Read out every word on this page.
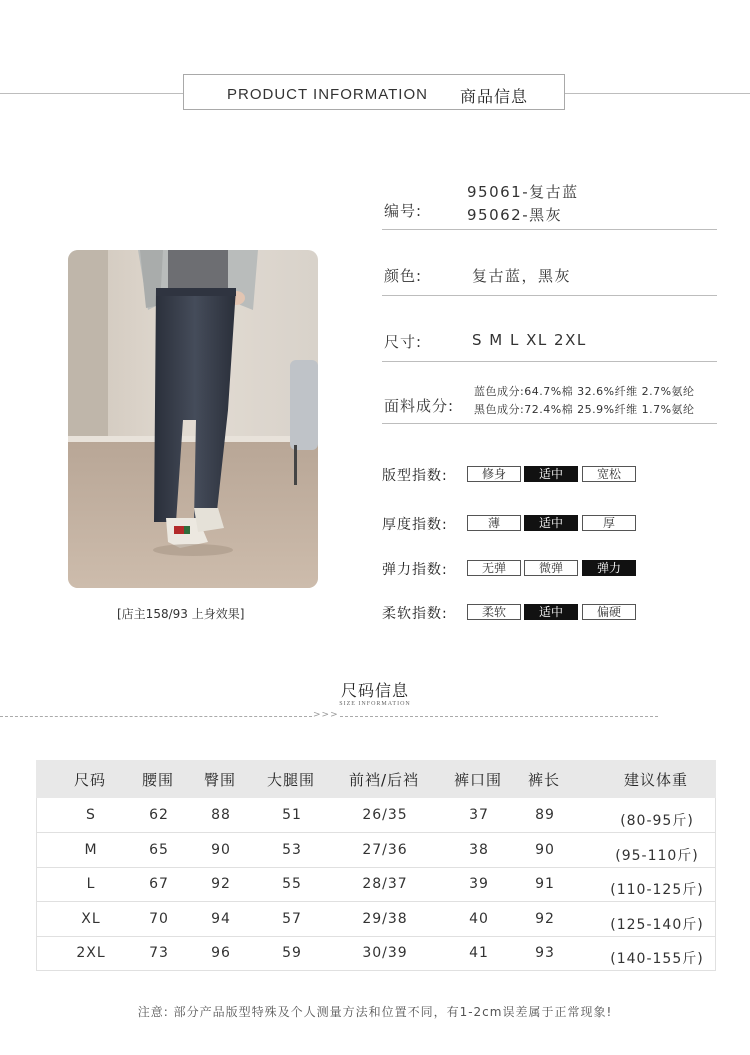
PRODUCT INFORMATION 商品信息
[店主158/93 上身效果]
编号:
95061-复古蓝
95062-黑灰
颜色:	复古蓝，黑灰
尺寸:	S M L XL 2XL
面料成分:
蓝色成分:64.7%棉 32.6%纤维 2.7%氨纶
黑色成分:72.4%棉 25.9%纤维 1.7%氨纶
版型指数:	修身	适中	宽松
厚度指数:	薄	适中	厚
弹力指数:	无弹	微弹	弹力
柔软指数:	柔软	适中	偏硬
尺码信息
SIZE INFORMATION
>>>
尺码	腰围	臀围	大腿围	前裆/后裆	裤口围	裤长	建议体重
S	62	88	51	26/35	37	89	(80-95斤)
M	65	90	53	27/36	38	90	(95-110斤)
L	67	92	55	28/37	39	91	(110-125斤)
XL	70	94	57	29/38	40	92	(125-140斤)
2XL	73	96	59	30/39	41	93	(140-155斤)
注意: 部分产品版型特殊及个人测量方法和位置不同，有1-2cm误差属于正常现象!
